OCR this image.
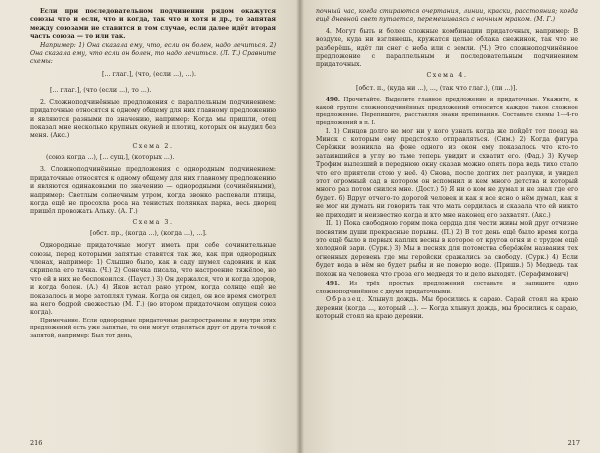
Если при последовательном подчинении рядом окажутся союзы что и если, что и когда, так что и хотя и др., то запятая между союзами не ставится в том случае, если далее идёт вторая часть союза — то или так.

Например: 1) Она сказала ему, что, если он болен, надо лечиться. 2) Она сказала ему, что если он болен, то надо лечиться. (Л. Т.) Сравните схемы:

[... глаг.], (что, (если ...), ...).
[... глаг.], (что (если ...), то ...).

2. Сложноподчинённые предложения с параллельным подчинением: придаточные относятся к одному общему для них главному предложению и являются разными по значению, например: Когда мы пришли, отец показал мне несколько крупных окуней и плотиц, которых он выудил без меня. (Акс.)

Схема 2.
(союз когда ...), [... сущ.], (которых ...).

3. Сложноподчинённые предложения с однородным подчинением: придаточные относятся к одному общему для них главному предложению и являются одинаковыми по значению — однородными (сочинёнными), например: Светлым солнечным утром, когда звонко распевали птицы, когда ещё не просохла роса на тенистых полянках парка, весь дворец пришёл провожать Альку. (А. Г.)

Схема 3.
[обст. пр., (когда ...), (когда ...), ...].

Однородные придаточные могут иметь при себе сочинительные союзы, перед которыми запятые ставятся так же, как при однородных членах, например: 1) Слышно было, как в саду шумел садовник и как скрипела его тачка. (Ч.) 2) Сонечка писала, что настроение тяжёлое, но что ей в них не беспокоился. (Пауст.) 3) Он держался, что и когда здоров, и когда болен. (А.) 4) Яков встал рано утром, когда солнце ещё не показалось и море затоплял туман. Когда он сидел, он все время смотрел на него бодрой свежестью (М. Г.) (во втором придаточном опущен союз когда).

Примечание. Если однородные придаточные распространены и внутри этих предложений есть уже запятые, то они могут отделяться друг от друга точкой с запятой, например: Был тот день,

216

почный час, когда стираются очертания, линии, краски, расстояния; когда ещё дневной свет путается, перемешиваясь с ночным мраком. (М. Г.)

4. Могут быть и более сложные комбинации придаточных, например: В воздухе, куда ни взглянешь, кружатся целые облака снежинок, так что не разберёшь, идёт ли снег с неба или с земли. (Ч.) Это сложноподчинённое предложение с параллельным и последовательным подчинением придаточных.

Схема 4.
[обст. п., (куда ни ...), ..., (так что глаг.), (ли ...)].

490. Прочитайте. Выделите главное предложение и придаточные. Укажите, к какой группе сложноподчинённых предложений относится каждое такое сложное предложение. Перепишите, расставляя знаки препинания. Составьте схемы 1—4-го предложений в п. I.

I. 1) Синцов долго не мог ни у кого узнать когда же пойдёт тот поезд на Минск с которым ему предстояло отправляться. (Сим.) 2) Когда фигура Серёжки возникла на фоне одного из окон ему показалось что кто-то затаившийся в углу во тьме теперь увидит и схватит его. (Фад.) 3) Кучер Трофим вылезший в переднюю окну сказав можно опять пора ведь тихо стало что его приятели стою у неё. 4) Снова, после долгих лет разлуки, и увидел этот огромный сад в котором он вспомнил и кем много детства и который много раз потом снился мне. (Дост.) 5) Я ни о ком не думал и не знал где его будет. 6) Вдруг отчего-то дорогой человек и как я все ясно о нём думал, как я не мог ни думать ни говорить так что мать сердилась и сказала что ей никто не приходит и неизвестно когда и кто мне наконец его захватят. (Акс.)

II. 1) Пока свободною горим пока сердца для чести живы мой друг отчизне посвятим души прекрасные порывы. (П.) 2) В тот день ещё было время когда это ещё было в первых каплях весны в которое от кругов огня и с трудом ещё холодной зари. (Сурк.) 3) Мы в песнях для потомства сберёжём названия тех огненных деревень где мы геройски сражались за свободу. (Сурк.) 4) Если будет вода в нём не будет рыбы и не поверю воде. (Пришв.) 5) Медведь так похож на человека что гроза его медведя то и дело выходят. (Серафимович)

491. Из трёх простых предложений составьте и запишите одно сложноподчинённое с двумя придаточными.

Образец. Хлынул дождь. Мы бросились к сараю. Сарай стоял на краю деревни (когда ..., который ...). — Когда хлынул дождь, мы бросились к сараю, который стоял на краю деревни.

217
